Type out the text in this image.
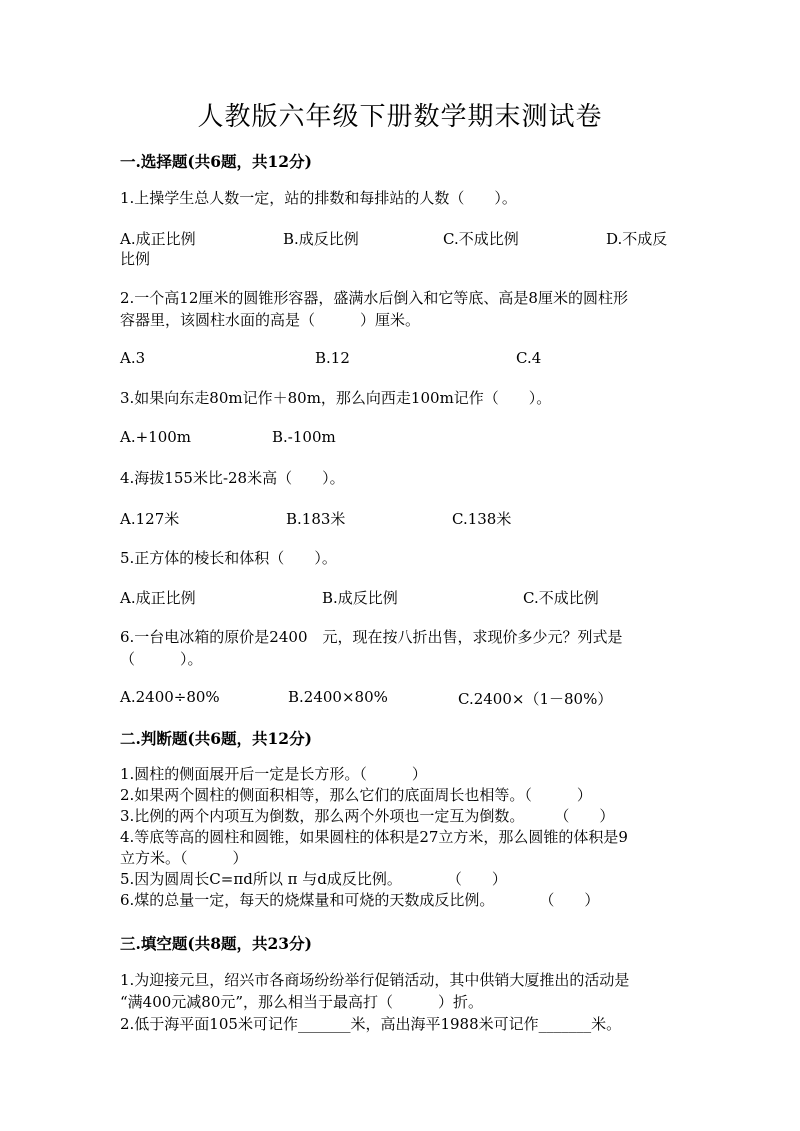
人教版六年级下册数学期末测试卷

一.选择题(共6题，共12分)

1.上操学生总人数一定，站的排数和每排站的人数（　　）。

A.成正比例	B.成反比例	C.不成比例	D.不成反
比例

2.一个高12厘米的圆锥形容器，盛满水后倒入和它等底、高是8厘米的圆柱形

容器里，该圆柱水面的高是（　　　）厘米。

A.3	B.12	C.4

3.如果向东走80m记作＋80m，那么向西走100m记作（　　）。

A.+100m	B.-100m

4.海拔155米比-28米高（　　）。

A.127米	B.183米	C.138米

5.正方体的棱长和体积（　　）。

A.成正比例	B.成反比例	C.不成比例

6.一台电冰箱的原价是2400　元，现在按八折出售，求现价多少元？列式是

（　　　）。

A.2400÷80%	B.2400×80%	C.2400×（1－80%）

二.判断题(共6题，共12分)

1.圆柱的侧面展开后一定是长方形。（　　　）

2.如果两个圆柱的侧面积相等，那么它们的底面周长也相等。（　　　）

3.比例的两个内项互为倒数，那么两个外项也一定互为倒数。　　　（　　）

4.等底等高的圆柱和圆锥，如果圆柱的体积是27立方米，那么圆锥的体积是9

立方米。（　　　）

5.因为圆周长C=πd所以 π 与d成反比例。　　　　（　　）

6.煤的总量一定，每天的烧煤量和可烧的天数成反比例。　　　　（　　）

三.填空题(共8题，共23分)

1.为迎接元旦，绍兴市各商场纷纷举行促销活动，其中供销大厦推出的活动是

“满400元减80元”，那么相当于最高打（　　　）折。

2.低于海平面105米可记作_______米，高出海平1988米可记作_______米。
